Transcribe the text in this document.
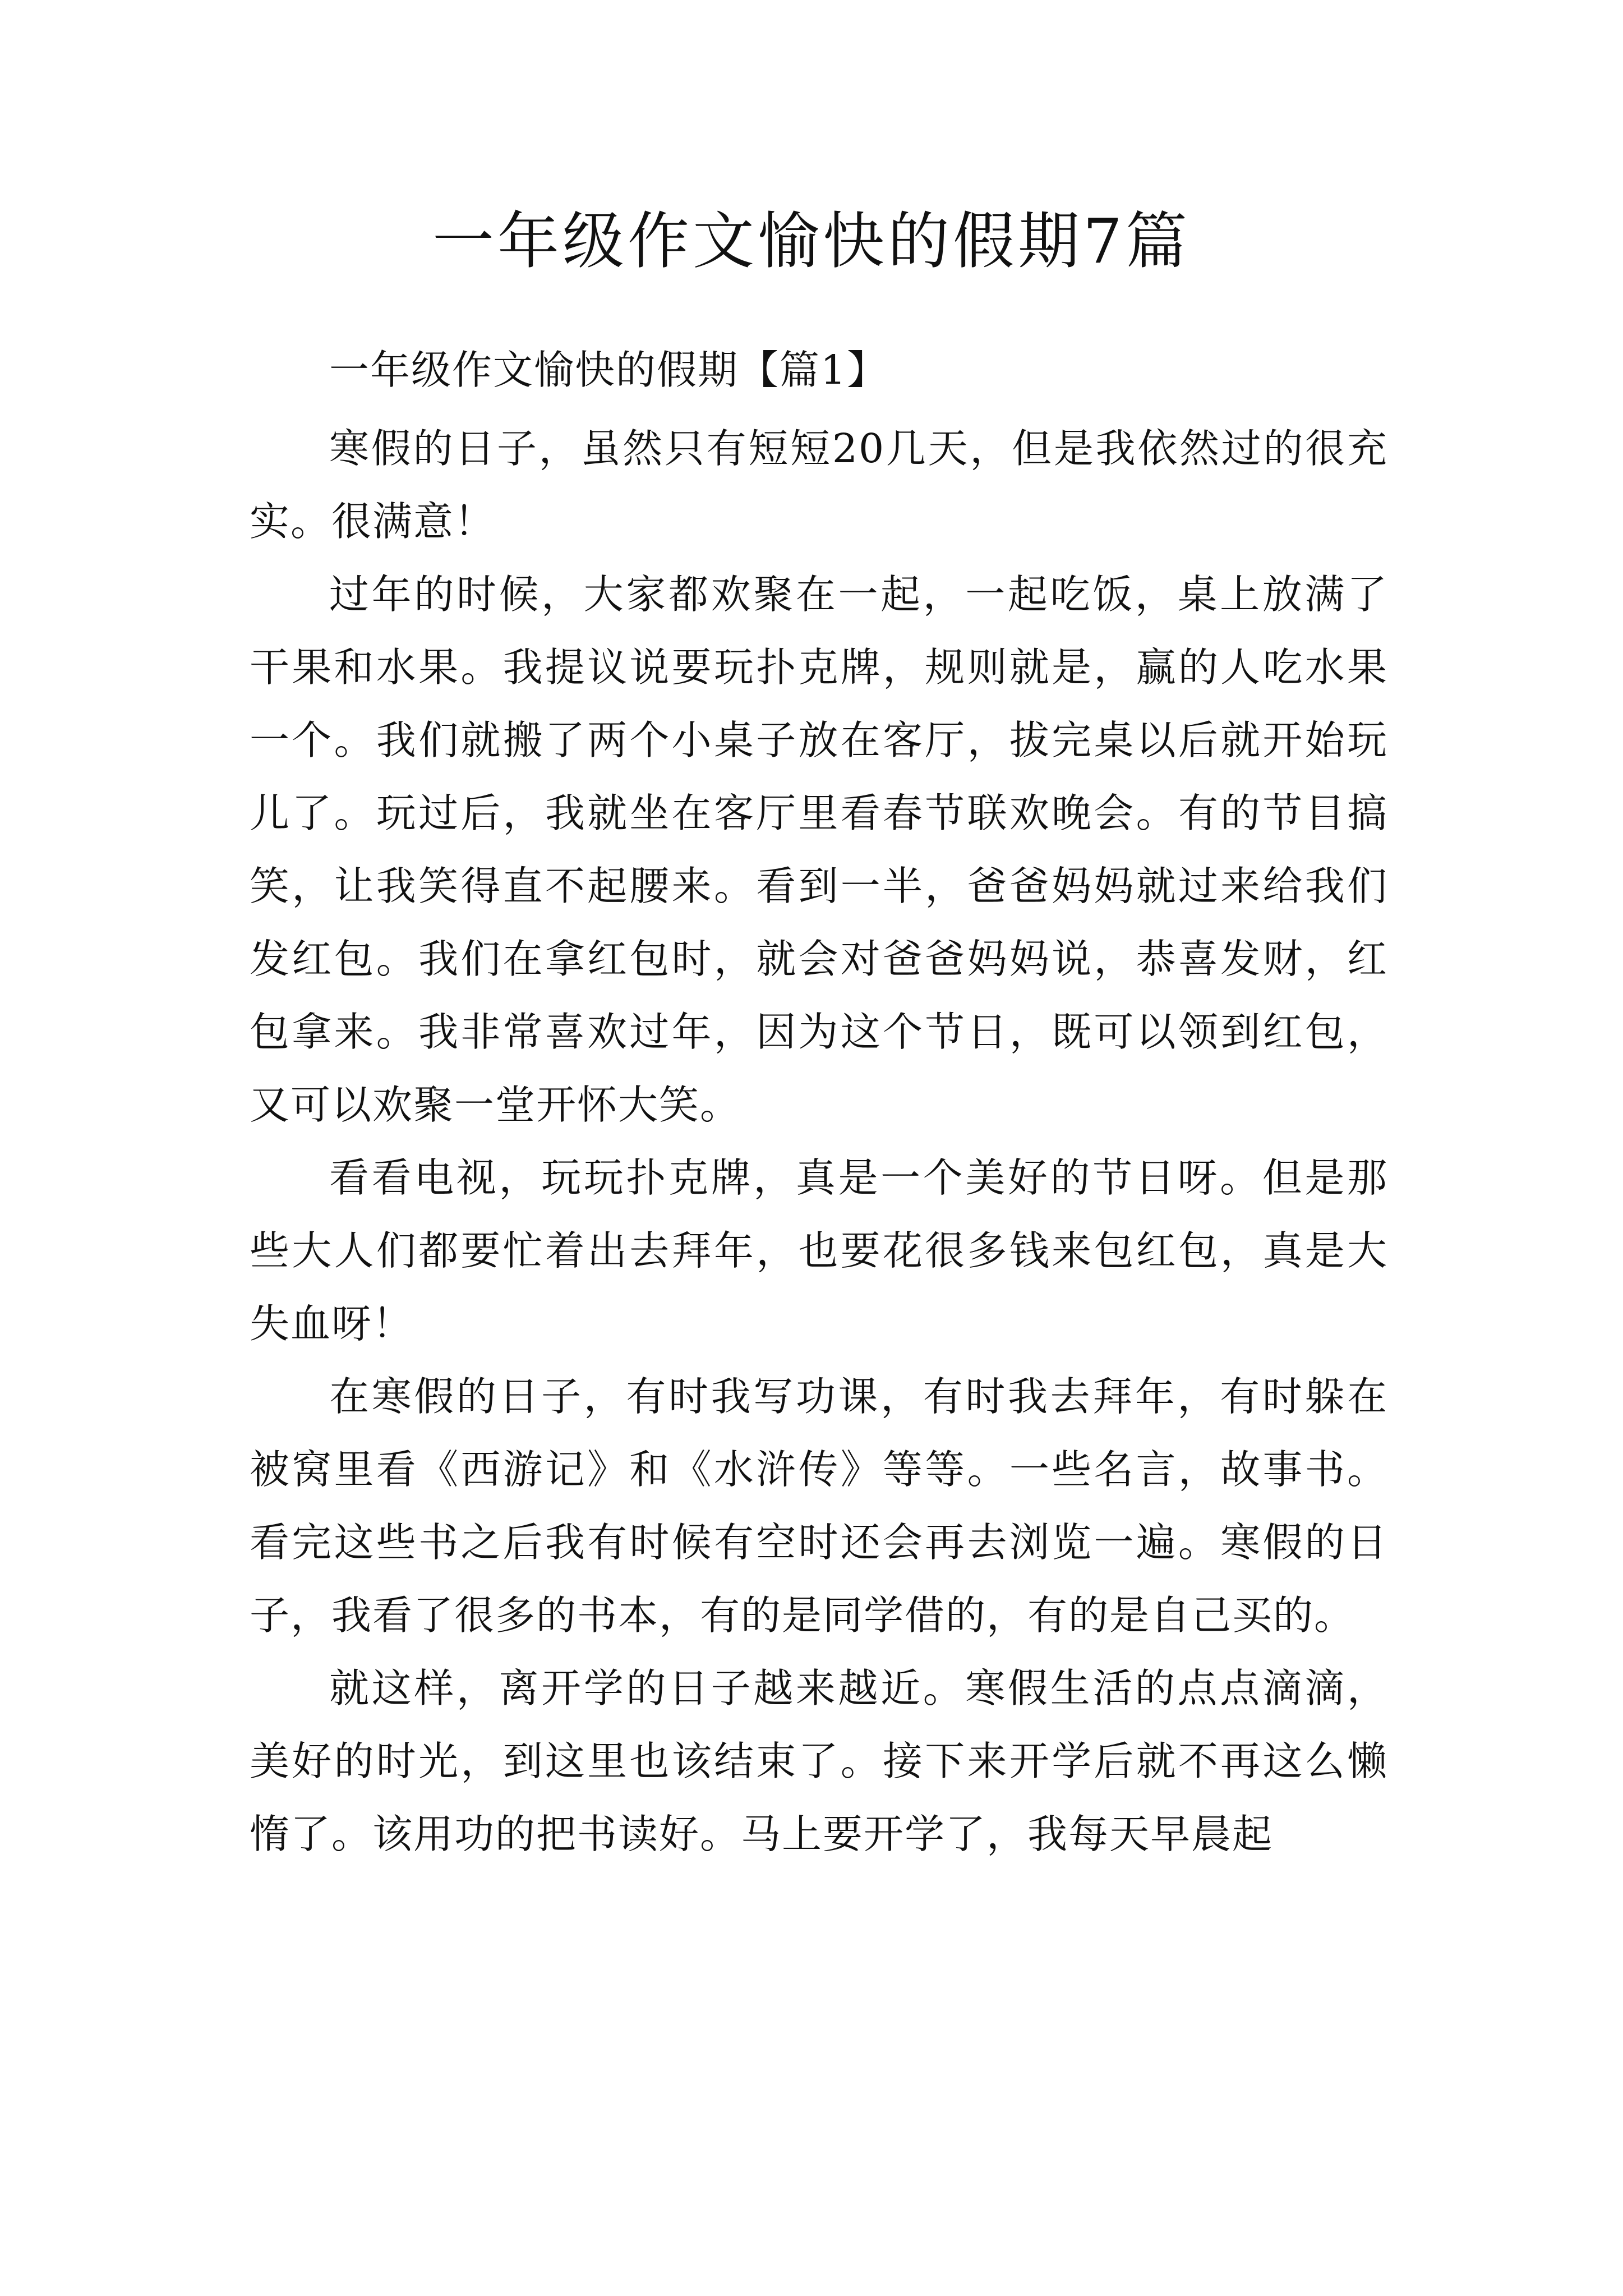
一年级作文愉快的假期7篇

一年级作文愉快的假期【篇1】

寒假的日子，虽然只有短短20几天，但是我依然过的很充实。很满意！

过年的时候，大家都欢聚在一起，一起吃饭，桌上放满了干果和水果。我提议说要玩扑克牌，规则就是，赢的人吃水果一个。我们就搬了两个小桌子放在客厅，拔完桌以后就开始玩儿了。玩过后，我就坐在客厅里看春节联欢晚会。有的节目搞笑，让我笑得直不起腰来。看到一半，爸爸妈妈就过来给我们发红包。我们在拿红包时，就会对爸爸妈妈说，恭喜发财，红包拿来。我非常喜欢过年，因为这个节日，既可以领到红包，又可以欢聚一堂开怀大笑。

看看电视，玩玩扑克牌，真是一个美好的节日呀。但是那些大人们都要忙着出去拜年，也要花很多钱来包红包，真是大失血呀！

在寒假的日子，有时我写功课，有时我去拜年，有时躲在被窝里看《西游记》和《水浒传》等等。一些名言，故事书。看完这些书之后我有时候有空时还会再去浏览一遍。寒假的日子，我看了很多的书本，有的是同学借的，有的是自己买的。

就这样，离开学的日子越来越近。寒假生活的点点滴滴，美好的时光，到这里也该结束了。接下来开学后就不再这么懒惰了。该用功的把书读好。马上要开学了，我每天早晨起
